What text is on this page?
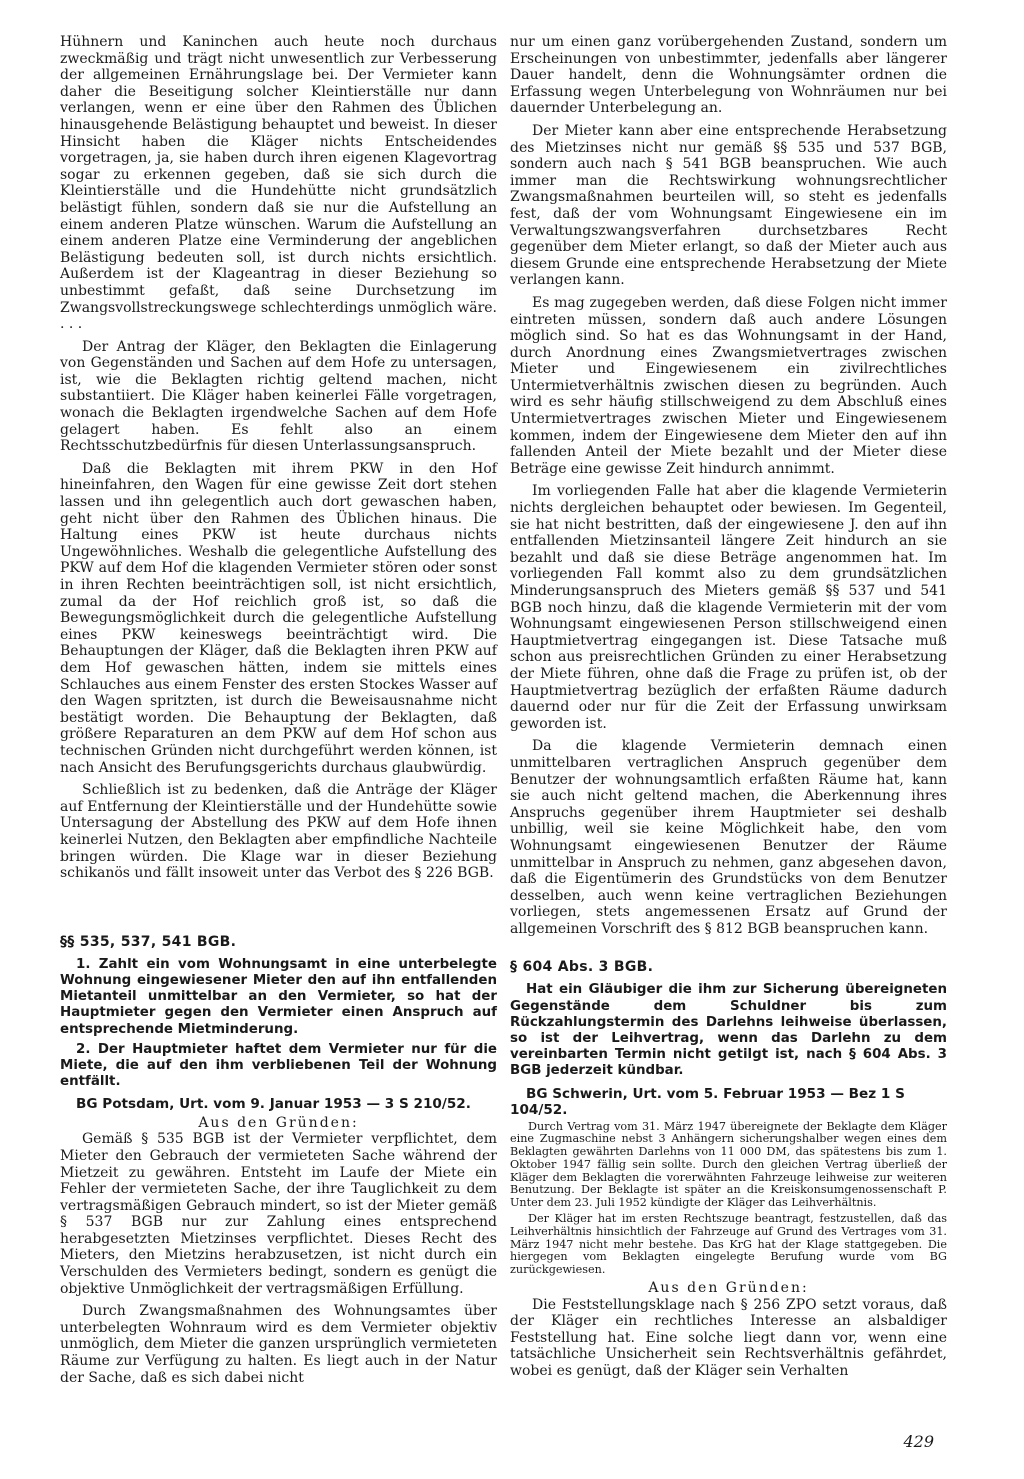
Hühnern und Kaninchen auch heute noch durchaus zweckmäßig und trägt nicht unwesentlich zur Verbesserung der allgemeinen Ernährungslage bei. Der Vermieter kann daher die Beseitigung solcher Kleintierställe nur dann verlangen, wenn er eine über den Rahmen des Üblichen hinausgehende Belästigung behauptet und beweist. In dieser Hinsicht haben die Kläger nichts Entscheidendes vorgetragen, ja, sie haben durch ihren eigenen Klagevortrag sogar zu erkennen gegeben, daß sie sich durch die Kleintierställe und die Hundehütte nicht grundsätzlich belästigt fühlen, sondern daß sie nur die Aufstellung an einem anderen Platze wünschen. Warum die Aufstellung an einem anderen Platze eine Verminderung der angeblichen Belästigung bedeuten soll, ist durch nichts ersichtlich. Außerdem ist der Klageantrag in dieser Beziehung so unbestimmt gefaßt, daß seine Durchsetzung im Zwangsvollstreckungswege schlechterdings unmöglich wäre. . . .

Der Antrag der Kläger, den Beklagten die Einlagerung von Gegenständen und Sachen auf dem Hofe zu untersagen, ist, wie die Beklagten richtig geltend machen, nicht substantiiert. Die Kläger haben keinerlei Fälle vorgetragen, wonach die Beklagten irgendwelche Sachen auf dem Hofe gelagert haben. Es fehlt also an einem Rechtsschutzbedürfnis für diesen Unterlassungsanspruch.

Daß die Beklagten mit ihrem PKW in den Hof hineinfahren, den Wagen für eine gewisse Zeit dort stehen lassen und ihn gelegentlich auch dort gewaschen haben, geht nicht über den Rahmen des Üblichen hinaus. Die Haltung eines PKW ist heute durchaus nichts Ungewöhnliches. Weshalb die gelegentliche Aufstellung des PKW auf dem Hof die klagenden Vermieter stören oder sonst in ihren Rechten beeinträchtigen soll, ist nicht ersichtlich, zumal da der Hof reichlich groß ist, so daß die Bewegungsmöglichkeit durch die gelegentliche Aufstellung eines PKW keineswegs beeinträchtigt wird. Die Behauptungen der Kläger, daß die Beklagten ihren PKW auf dem Hof gewaschen hätten, indem sie mittels eines Schlauches aus einem Fenster des ersten Stockes Wasser auf den Wagen spritzten, ist durch die Beweisausnahme nicht bestätigt worden. Die Behauptung der Beklagten, daß größere Reparaturen an dem PKW auf dem Hof schon aus technischen Gründen nicht durchgeführt werden können, ist nach Ansicht des Berufungsgerichts durchaus glaubwürdig.

Schließlich ist zu bedenken, daß die Anträge der Kläger auf Entfernung der Kleintierställe und der Hundehütte sowie Untersagung der Abstellung des PKW auf dem Hofe ihnen keinerlei Nutzen, den Beklagten aber empfindliche Nachteile bringen würden. Die Klage war in dieser Beziehung schikanös und fällt insoweit unter das Verbot des § 226 BGB.

§§ 535, 537, 541 BGB.

1. Zahlt ein vom Wohnungsamt in eine unterbelegte Wohnung eingewiesener Mieter den auf ihn entfallenden Mietanteil unmittelbar an den Vermieter, so hat der Hauptmieter gegen den Vermieter einen Anspruch auf entsprechende Mietminderung.

2. Der Hauptmieter haftet dem Vermieter nur für die Miete, die auf den ihm verbliebenen Teil der Wohnung entfällt.

BG Potsdam, Urt. vom 9. Januar 1953 — 3 S 210/52.

Aus den Gründen:

Gemäß § 535 BGB ist der Vermieter verpflichtet, dem Mieter den Gebrauch der vermieteten Sache während der Mietzeit zu gewähren. Entsteht im Laufe der Miete ein Fehler der vermieteten Sache, der ihre Tauglichkeit zu dem vertragsmäßigen Gebrauch mindert, so ist der Mieter gemäß § 537 BGB nur zur Zahlung eines entsprechend herabgesetzten Mietzinses verpflichtet. Dieses Recht des Mieters, den Mietzins herabzusetzen, ist nicht durch ein Verschulden des Vermieters bedingt, sondern es genügt die objektive Unmöglichkeit der vertragsmäßigen Erfüllung.

Durch Zwangsmaßnahmen des Wohnungsamtes über unterbelegten Wohnraum wird es dem Vermieter objektiv unmöglich, dem Mieter die ganzen ursprünglich vermieteten Räume zur Verfügung zu halten. Es liegt auch in der Natur der Sache, daß es sich dabei nicht

nur um einen ganz vorübergehenden Zustand, sondern um Erscheinungen von unbestimmter, jedenfalls aber längerer Dauer handelt, denn die Wohnungsämter ordnen die Erfassung wegen Unterbelegung von Wohnräumen nur bei dauernder Unterbelegung an.

Der Mieter kann aber eine entsprechende Herabsetzung des Mietzinses nicht nur gemäß §§ 535 und 537 BGB, sondern auch nach § 541 BGB beanspruchen. Wie auch immer man die Rechtswirkung wohnungsrechtlicher Zwangsmaßnahmen beurteilen will, so steht es jedenfalls fest, daß der vom Wohnungsamt Eingewiesene ein im Verwaltungszwangsverfahren durchsetzbares Recht gegenüber dem Mieter erlangt, so daß der Mieter auch aus diesem Grunde eine entsprechende Herabsetzung der Miete verlangen kann.

Es mag zugegeben werden, daß diese Folgen nicht immer eintreten müssen, sondern daß auch andere Lösungen möglich sind. So hat es das Wohnungsamt in der Hand, durch Anordnung eines Zwangsmietvertrages zwischen Mieter und Eingewiesenem ein zivilrechtliches Untermietverhältnis zwischen diesen zu begründen. Auch wird es sehr häufig stillschweigend zu dem Abschluß eines Untermietvertrages zwischen Mieter und Eingewiesenem kommen, indem der Eingewiesene dem Mieter den auf ihn fallenden Anteil der Miete bezahlt und der Mieter diese Beträge eine gewisse Zeit hindurch annimmt.

Im vorliegenden Falle hat aber die klagende Vermieterin nichts dergleichen behauptet oder bewiesen. Im Gegenteil, sie hat nicht bestritten, daß der eingewiesene J. den auf ihn entfallenden Mietzinsanteil längere Zeit hindurch an sie bezahlt und daß sie diese Beträge angenommen hat. Im vorliegenden Fall kommt also zu dem grundsätzlichen Minderungsanspruch des Mieters gemäß §§ 537 und 541 BGB noch hinzu, daß die klagende Vermieterin mit der vom Wohnungsamt eingewiesenen Person stillschweigend einen Hauptmietvertrag eingegangen ist. Diese Tatsache muß schon aus preisrechtlichen Gründen zu einer Herabsetzung der Miete führen, ohne daß die Frage zu prüfen ist, ob der Hauptmietvertrag bezüglich der erfaßten Räume dadurch dauernd oder nur für die Zeit der Erfassung unwirksam geworden ist.

Da die klagende Vermieterin demnach einen unmittelbaren vertraglichen Anspruch gegenüber dem Benutzer der wohnungsamtlich erfaßten Räume hat, kann sie auch nicht geltend machen, die Aberkennung ihres Anspruchs gegenüber ihrem Hauptmieter sei deshalb unbillig, weil sie keine Möglichkeit habe, den vom Wohnungsamt eingewiesenen Benutzer der Räume unmittelbar in Anspruch zu nehmen, ganz abgesehen davon, daß die Eigentümerin des Grundstücks von dem Benutzer desselben, auch wenn keine vertraglichen Beziehungen vorliegen, stets angemessenen Ersatz auf Grund der allgemeinen Vorschrift des § 812 BGB beanspruchen kann.

§ 604 Abs. 3 BGB.

Hat ein Gläubiger die ihm zur Sicherung übereigneten Gegenstände dem Schuldner bis zum Rückzahlungstermin des Darlehns leihweise überlassen, so ist der Leihvertrag, wenn das Darlehn zu dem vereinbarten Termin nicht getilgt ist, nach § 604 Abs. 3 BGB jederzeit kündbar.

BG Schwerin, Urt. vom 5. Februar 1953 — Bez 1 S 104/52.

Durch Vertrag vom 31. März 1947 übereignete der Beklagte dem Kläger eine Zugmaschine nebst 3 Anhängern sicherungshalber wegen eines dem Beklagten gewährten Darlehns von 11 000 DM, das spätestens bis zum 1. Oktober 1947 fällig sein sollte. Durch den gleichen Vertrag überließ der Kläger dem Beklagten die vorerwähnten Fahrzeuge leihweise zur weiteren Benutzung. Der Beklagte ist später an die Kreiskonsumgenossenschaft P. Unter dem 23. Juli 1952 kündigte der Kläger das Leihverhältnis.

Der Kläger hat im ersten Rechtszuge beantragt, festzustellen, daß das Leihverhältnis hinsichtlich der Fahrzeuge auf Grund des Vertrages vom 31. März 1947 nicht mehr bestehe. Das KrG hat der Klage stattgegeben. Die hiergegen vom Beklagten eingelegte Berufung wurde vom BG zurückgewiesen.

Aus den Gründen:

Die Feststellungsklage nach § 256 ZPO setzt voraus, daß der Kläger ein rechtliches Interesse an alsbaldiger Feststellung hat. Eine solche liegt dann vor, wenn eine tatsächliche Unsicherheit sein Rechtsverhältnis gefährdet, wobei es genügt, daß der Kläger sein Verhalten

429
